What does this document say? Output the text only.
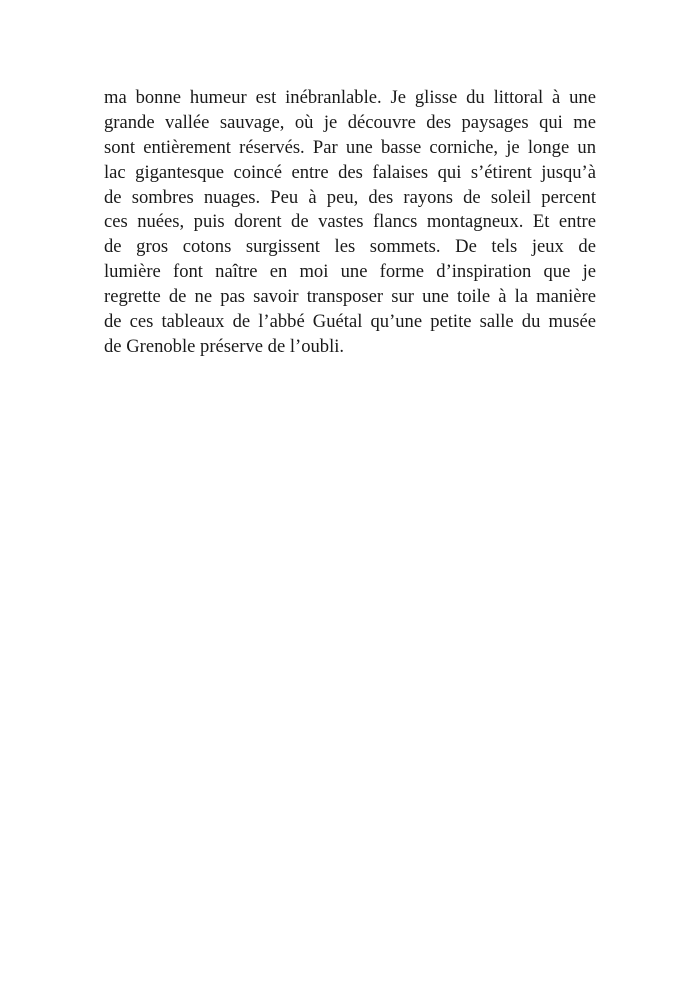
ma bonne humeur est inébranlable. Je glisse du littoral à une
grande vallée sauvage, où je découvre des paysages qui me
sont entièrement réservés. Par une basse corniche, je longe un
lac gigantesque coincé entre des falaises qui s’étirent jusqu’à
de sombres nuages. Peu à peu, des rayons de soleil percent
ces nuées, puis dorent de vastes flancs montagneux. Et entre
de gros cotons surgissent les sommets. De tels jeux de
lumière font naître en moi une forme d’inspiration que je
regrette de ne pas savoir transposer sur une toile à la manière
de ces tableaux de l’abbé Guétal qu’une petite salle du musée
de Grenoble préserve de l’oubli.
